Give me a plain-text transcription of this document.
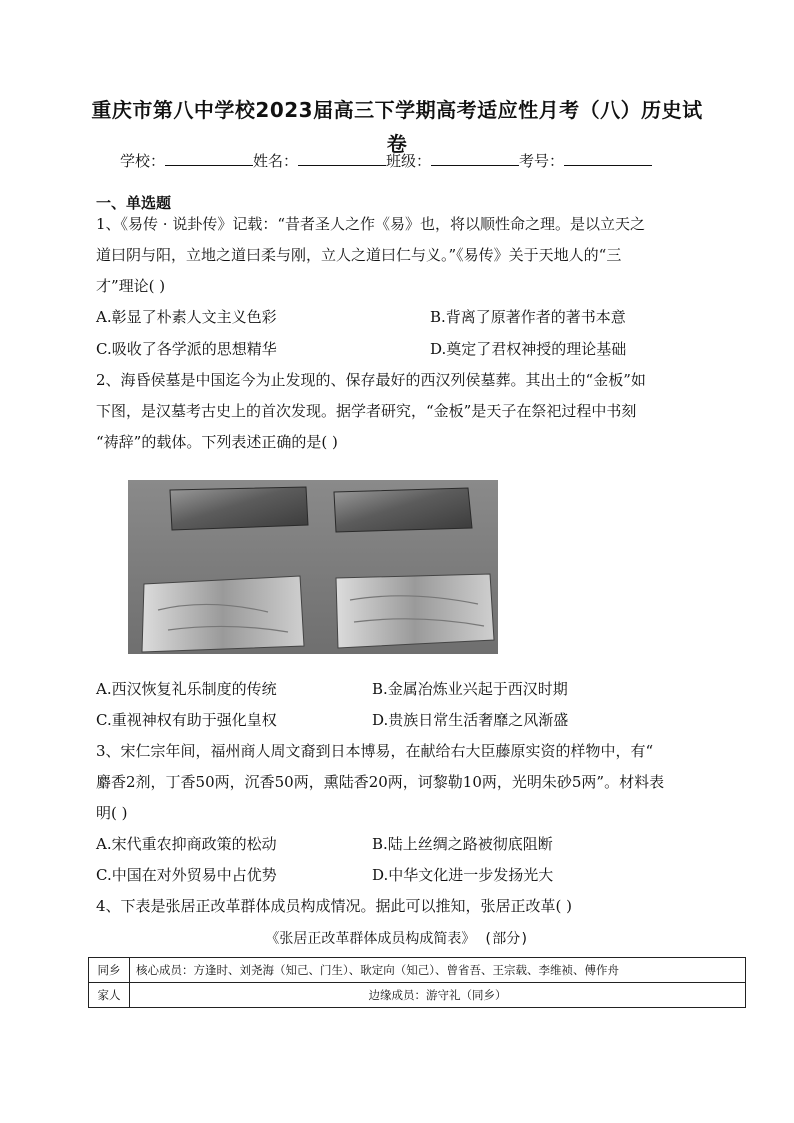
重庆市第八中学校2023届高三下学期高考适应性月考（八）历史试
卷
学校：	姓名：	班级：	考号：
一、单选题
1、《易传 · 说卦传》记载：“昔者圣人之作《易》也，将以顺性命之理。是以立天之
道曰阴与阳，立地之道曰柔与刚，立人之道曰仁与义。”《易传》关于天地人的“三
才”理论( )
A.彰显了朴素人文主义色彩	B.背离了原著作者的著书本意
C.吸收了各学派的思想精华	D.奠定了君权神授的理论基础
2、海昏侯墓是中国迄今为止发现的、保存最好的西汉列侯墓葬。其出土的“金板”如
下图，是汉墓考古史上的首次发现。据学者研究，“金板”是天子在祭祀过程中书刻
“祷辞”的载体。下列表述正确的是( )
A.西汉恢复礼乐制度的传统	B.金属冶炼业兴起于西汉时期
C.重视神权有助于强化皇权	D.贵族日常生活奢靡之风渐盛
3、宋仁宗年间，福州商人周文裔到日本博易，在献给右大臣藤原实资的样物中，有“
麝香2剂，丁香50两，沉香50两，熏陆香20两，诃黎勒10两，光明朱砂5两”。材料表
明( )
A.宋代重农抑商政策的松动	B.陆上丝绸之路被彻底阻断
C.中国在对外贸易中占优势	D.中华文化进一步发扬光大
4、下表是张居正改革群体成员构成情况。据此可以推知，张居正改革( )
《张居正改革群体成员构成简表》 (部分)
同乡	核心成员：方逢时、刘尧海（知己、门生）、耿定向（知己）、曾省吾、王宗载、李维祯、傅作舟
家人	边缘成员：游守礼（同乡）
